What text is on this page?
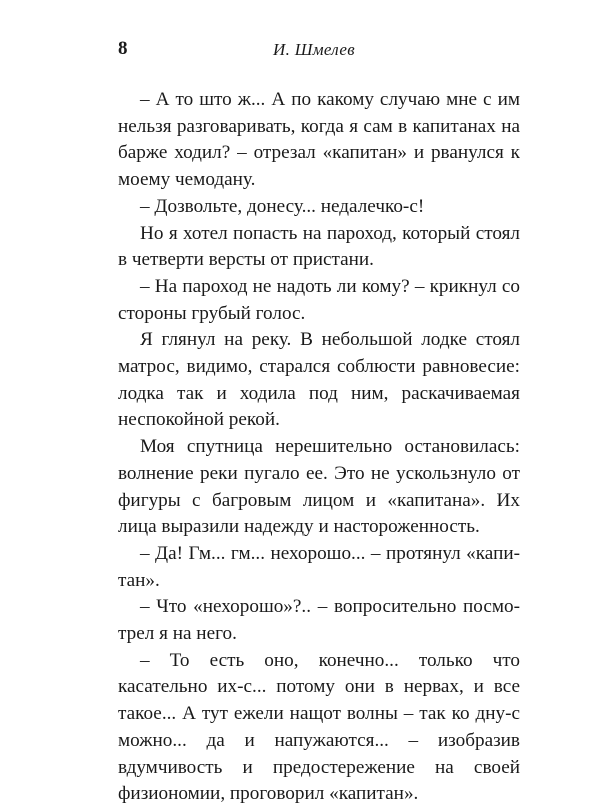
8	И. Шмелев

– А то што ж... А по какому случаю мне с им нельзя разговаривать, когда я сам в капитанах на барже ходил? – отрезал «капитан» и рванулся к моему чемодану.

– Дозвольте, донесу... недалечко-с!

Но я хотел попасть на пароход, который стоял в четверти версты от пристани.

– На пароход не надоть ли кому? – крикнул со стороны грубый голос.

Я глянул на реку. В небольшой лодке стоял матрос, видимо, старался соблюсти равновесие: лодка так и ходила под ним, раскачиваемая неспокойной рекой.

Моя спутница нерешительно остановилась: волнение реки пугало ее. Это не ускользнуло от фигуры с багровым лицом и «капитана». Их лица выразили надежду и настороженность.

– Да! Гм... гм... нехорошо... – протянул «капитан».

– Что «нехорошо»?.. – вопросительно посмотрел я на него.

– То есть оно, конечно... только что касательно их-с... потому они в нервах, и все такое... А тут ежели нащот волны – так ко дну-с можно... да и напужаются... – изобразив вдумчивость и предостережение на своей физиономии, проговорил «капитан».
